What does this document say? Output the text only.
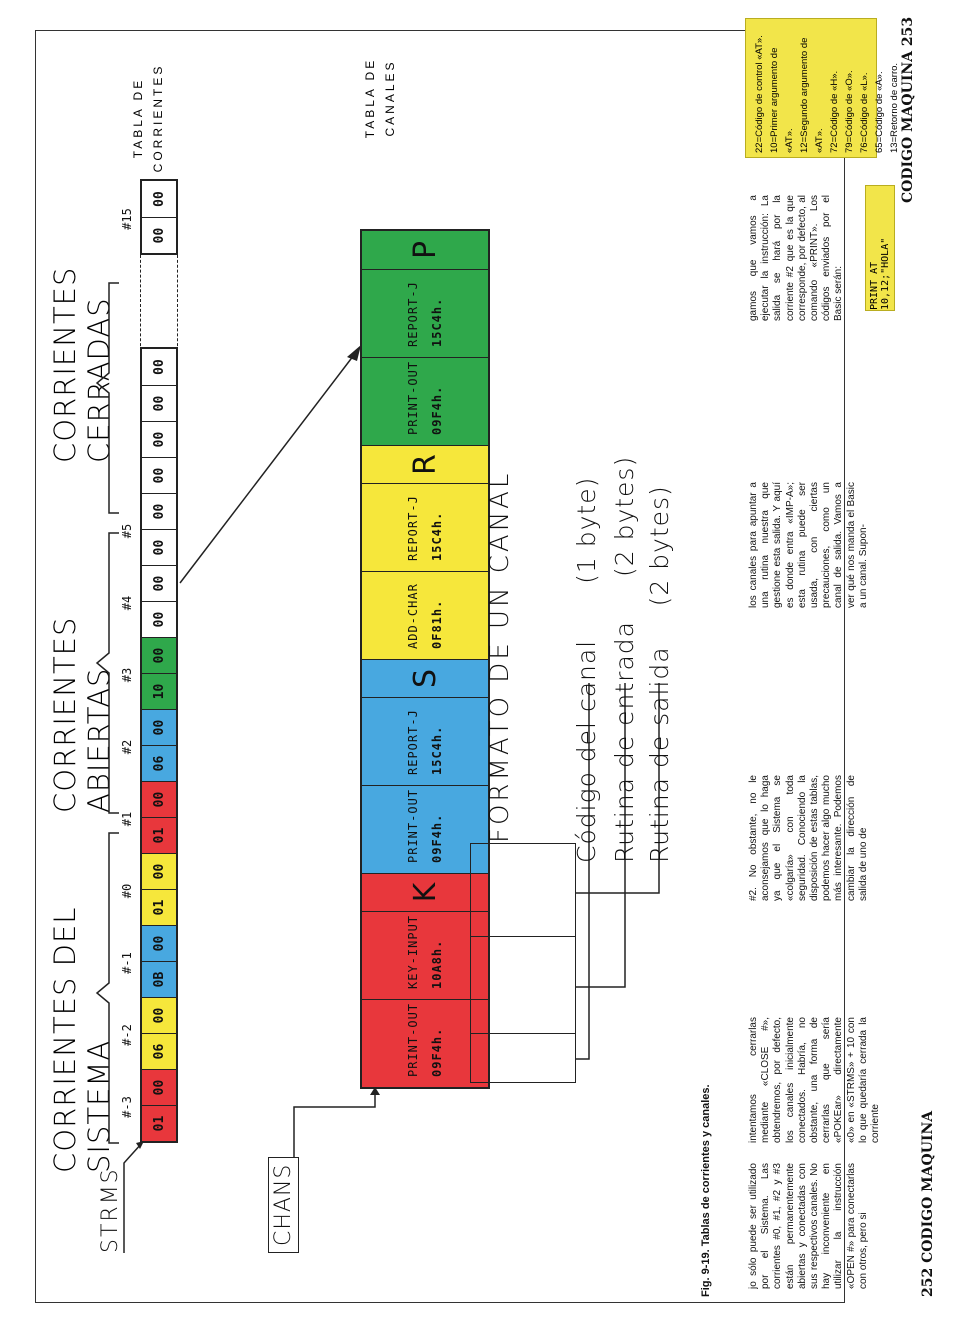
CORRIENTES DEL SISTEMA
CORRIENTES ABIERTAS
CORRIENTES CERRADAS
#-3
#-2
#-1
#0
#1
#2
#3
#4
#5
#15
STRMS
01
00
06
00
0B
00
01
00
01
00
06
00
10
00
00
00
00
00
00
00
00
00
00
00
TABLA DE CORRIENTES
CHANS
PRINT-OUT 09F4h.
KEY-INPUT 10A8h.
K
PRINT-OUT 09F4h.
REPORT-J 15C4h.
S
ADD-CHAR 0F81h.
REPORT-J 15C4h.
R
PRINT-OUT 09F4h.
REPORT-J 15C4h.
P
TABLA DE CANALES
FORMATO DE UN CANAL Código del canal(1 byte)
Rutina de entrada(2 bytes)
Rutina de salida(2 bytes)
Fig. 9-19. Tablas de corrientes y canales.	jo sólo puede ser utilizado por el Sistema. Las corrientes #0, #1, #2 y #3 están permanentemente abiertas y conectadas con sus respectivos canales. No hay inconveniente en utilizar la instrucción «OPEN #» para conectarlas con otros, pero si

intentamos cerrarlas mediante «CLOSE #», obtendremos, por defecto, los canales inicialmente conectados. Habría, no obstante, una forma de cerrarlas que sería «POKEar» directamente «0» en «STRMS» + 10 con lo que quedaría cerrada la corriente

#2. No obstante, no le aconsejamos que lo haga ya que el Sistema se «colgaría» con toda seguridad. Conociendo la disposición de estas tablas, podemos hacer algo mucho más interesante. Podemos cambiar la dirección de salida de uno de

los canales para apuntar a una rutina nuestra que gestione esta salida. Y aquí es donde entra «IMP-A»; esta rutina puede ser usada, con ciertas precauciones, como un canal de salida. Vamos a ver qué nos manda el Basic a un canal. Supon-

gamos que vamos a ejecutar la instrucción: La salida se hará por la corriente #2 que es la que corresponde, por defecto, al comando «PRINT». Los códigos enviados por el Basic serán:	PRINT AT 10,12;"HOLA"
22=Código de control «AT». 10=Primer argumento de «AT». 12=Segundo argumento de «AT». 72=Código de «H». 79=Código de «O». 76=Código de «L». 65=Código de «A». 13=Retorno de carro.
252 CODIGO MAQUINA
CODIGO MAQUINA 253
